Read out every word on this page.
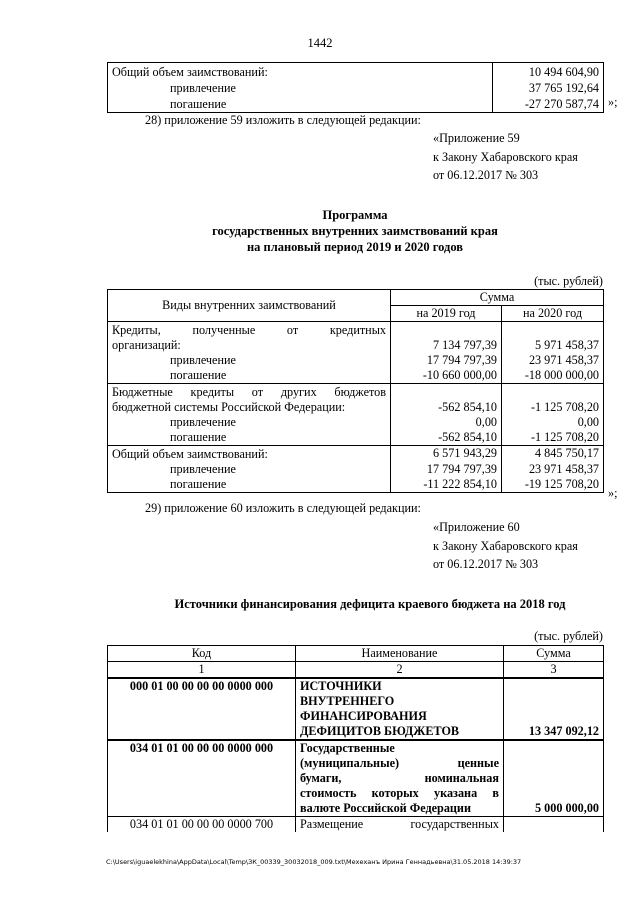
1442
Общий объем заимствований:	10 494 604,90
привлечение	37 765 192,64
погашение	-27 270 587,74 »;
28) приложение 59 изложить в следующей редакции:
«Приложение 59
к Закону Хабаровского края
от 06.12.2017 № 303
Программа
государственных внутренних заимствований края
на плановый период 2019 и 2020 годов
(тыс. рублей)
Виды внутренних заимствований	Сумма	
	на 2019 год	на 2020 год

Кредиты, полученные от кредитных
организаций:	7 134 797,39	5 971 458,37
привлечение	17 794 797,39	23 971 458,37
погашение	-10 660 000,00	-18 000 000,00

Бюджетные кредиты от других бюджетов
бюджетной системы Российской Федерации:	-562 854,10	-1 125 708,20
привлечение	0,00	0,00
погашение	-562 854,10	-1 125 708,20
Общий объем заимствований:	6 571 943,29	4 845 750,17
привлечение	17 794 797,39	23 971 458,37
погашение	-11 222 854,10	-19 125 708,20
»;
29) приложение 60 изложить в следующей редакции:
«Приложение 60
к Закону Хабаровского края
от 06.12.2017 № 303
Источники финансирования дефицита краевого бюджета на 2018 год
(тыс. рублей)
Код	Наименование	Сумма
1	2	3
000 01 00 00 00 00 0000 000	ИСТОЧНИКИ
ВНУТРЕННЕГО
ФИНАНСИРОВАНИЯ
ДЕФИЦИТОВ БЮДЖЕТОВ	13 347 092,12
034 01 01 00 00 00 0000 000	Государственные
(муниципальные) ценные
бумаги, номинальная
стоимость которых указана в
валюте Российской Федерации	5 000 000,00
034 01 01 00 00 00 0000 700	Размещение государственных	

C:\Users\iguaelekhina\AppData\Local\Temp\ЗК_00339_30032018_009.txt\Мехеханъ Ирина Геннадьевна\31.05.2018 14:39:37
